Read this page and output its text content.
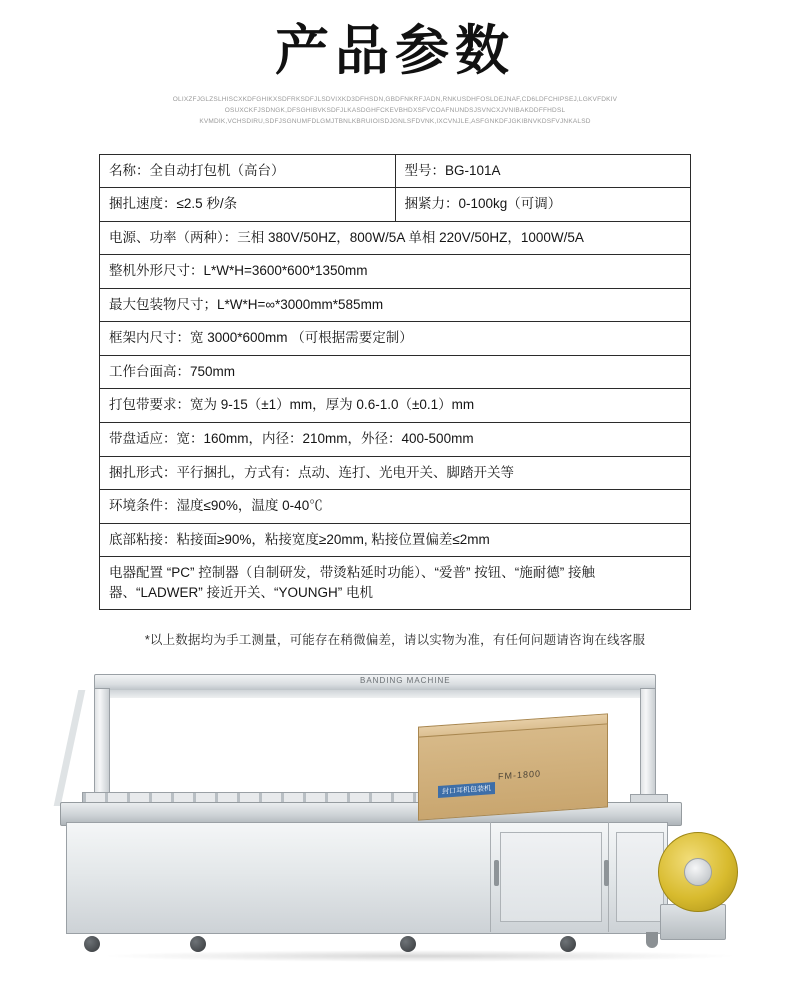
产品参数
OLIXZFJGLZSLHISCXKDFGHIKXSDFRKSDFJLSDVIXKD3DFHSDN,GBDFNKRFJADN,RNKUSDHFOSLDEJNAF,CD6LDFCHIPSEJ,LGKVFDKIV
OSUXCKFJSDNGK,DFSGHIBVKSDFJLKASDGHFCKEVBHDXSFVCOAFNUNDSJSVNCXJVNIBAKDDFFHDSL
KVMDIK,VCHSDIRU,SDFJSGNUMFDLGMJTBNLKBRUIOISDJGNLSFDVNK,IXCVNJLE,ASFGNKDFJGKIBNVKDSFVJNKALSD
名称：全自动打包机（高台）	型号：BG-101A
捆扎速度：≤2.5 秒/条	捆紧力：0-100kg（可调）
电源、功率（两种）：三相 380V/50HZ，800W/5A 单相 220V/50HZ，1000W/5A	
整机外形尺寸：L*W*H=3600*600*1350mm	
最大包装物尺寸；L*W*H=∞*3000mm*585mm	
框架内尺寸：宽 3000*600mm （可根据需要定制）	
工作台面高：750mm	
打包带要求：宽为 9-15（±1）mm，厚为 0.6-1.0（±0.1）mm	
带盘适应：宽：160mm，内径：210mm，外径：400-500mm	
捆扎形式：平行捆扎，方式有：点动、连打、光电开关、脚踏开关等	
环境条件：湿度≤90%，温度 0-40℃	
底部粘接：粘接面≥90%，粘接宽度≥20mm, 粘接位置偏差≤2mm	
电器配置 “PC” 控制器（自制研发，带烫粘延时功能）、“爱普” 按钮、“施耐德” 接触器、“LADWER” 接近开关、“YOUNGH” 电机	
*以上数据均为手工测量，可能存在稍微偏差，请以实物为准，有任何问题请咨询在线客服
BANDING MACHINE
FM-1800
封口耳机包装机
